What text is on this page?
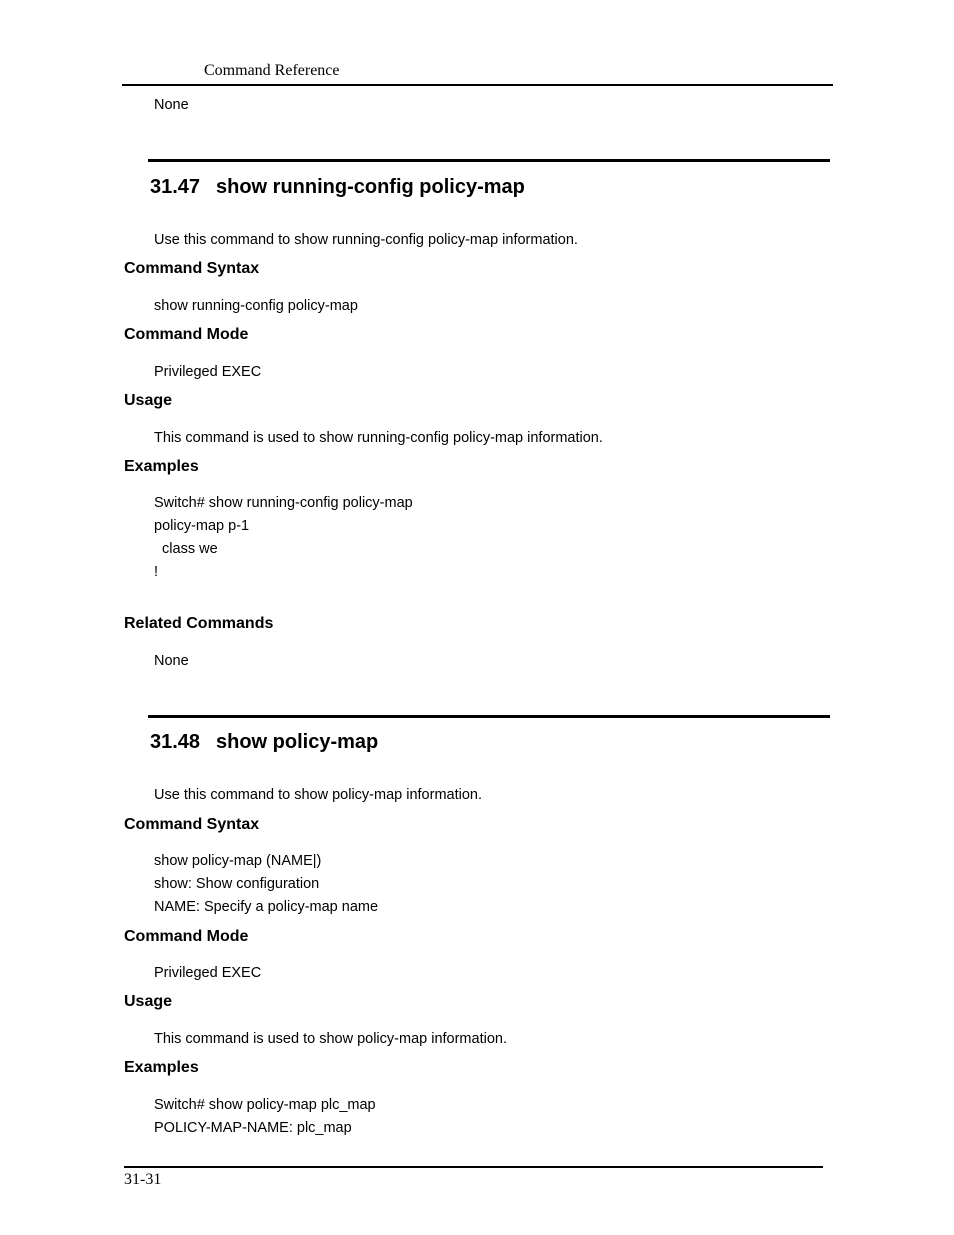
Command Reference
None
31.47 show running-config policy-map
Use this command to show running-config policy-map information.
Command Syntax
show running-config policy-map
Command Mode
Privileged EXEC
Usage
This command is used to show running-config policy-map information.
Examples
Switch# show running-config policy-map
policy-map p-1
class we
!
Related Commands
None
31.48 show policy-map
Use this command to show policy-map information.
Command Syntax
show policy-map (NAME|)
show: Show configuration
NAME: Specify a policy-map name
Command Mode
Privileged EXEC
Usage
This command is used to show policy-map information.
Examples
Switch# show policy-map plc_map
POLICY-MAP-NAME: plc_map
31-31
